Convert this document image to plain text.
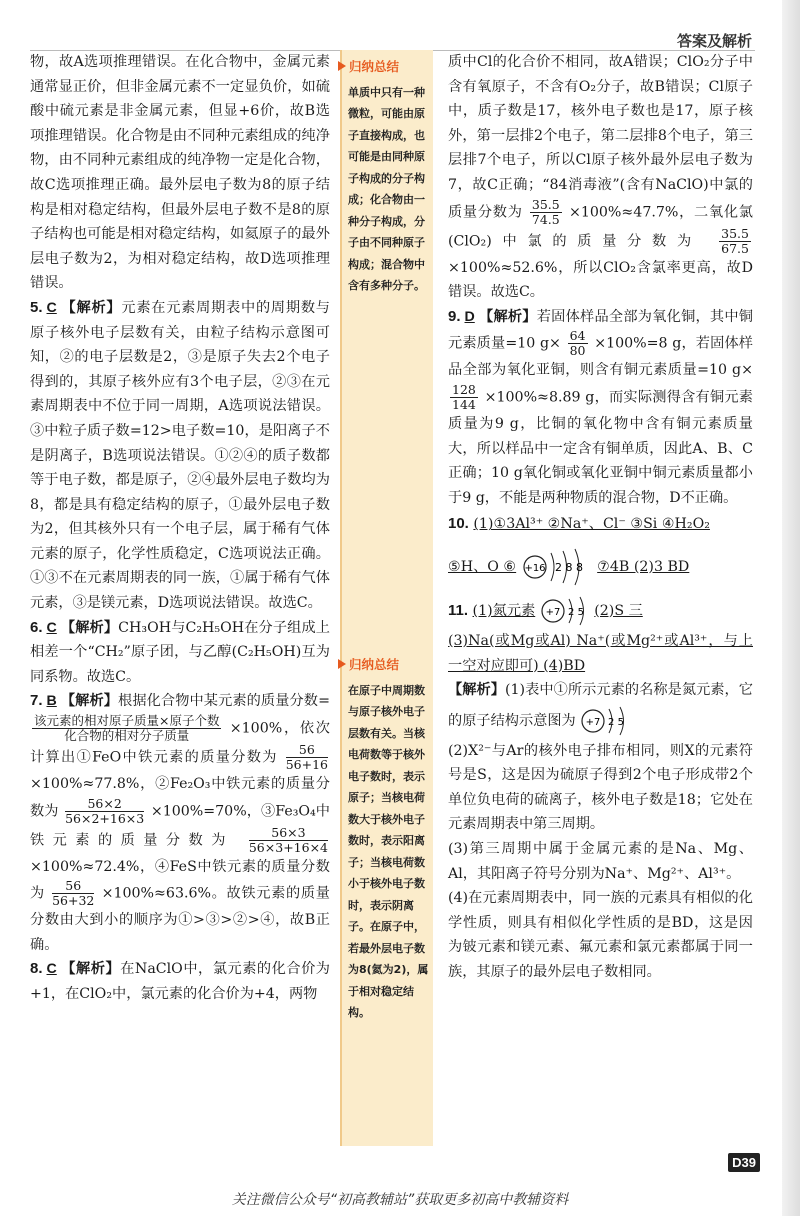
答案及解析

物，故A选项推理错误。在化合物中，金属元素通常显正价，但非金属元素不一定显负价，如硫酸中硫元素是非金属元素，但显+6价，故B选项推理错误。化合物是由不同种元素组成的纯净物，由不同种元素组成的纯净物一定是化合物，故C选项推理正确。最外层电子数为8的原子结构是相对稳定结构，但最外层电子数不是8的原子结构也可能是相对稳定结构，如氦原子的最外层电子数为2，为相对稳定结构，故D选项推理错误。

5. C 【解析】元素在元素周期表中的周期数与原子核外电子层数有关，由粒子结构示意图可知，②的电子层数是2，③是原子失去2个电子得到的，其原子核外应有3个电子层，②③在元素周期表中不位于同一周期，A选项说法错误。③中粒子质子数=12>电子数=10，是阳离子不是阴离子，B选项说法错误。①②④的质子数都等于电子数，都是原子，②④最外层电子数均为8，都是具有稳定结构的原子，①最外层电子数为2，但其核外只有一个电子层，属于稀有气体元素的原子，化学性质稳定，C选项说法正确。①③不在元素周期表的同一族，①属于稀有气体元素，③是镁元素，D选项说法错误。故选C。

6. C 【解析】CH₃OH与C₂H₅OH在分子组成上相差一个“CH₂”原子团，与乙醇(C₂H₅OH)互为同系物。故选C。

7. B 【解析】根据化合物中某元素的质量分数=
$\frac{\text{该元素的相对原子质量×原子个数}}{\text{化合物的相对分子质量}} \times 100\%$，依次计算出①FeO中铁元素的质量分数为 $\frac{56}{56+16}$
×100%≈77.8%，②Fe₂O₃中铁元素的质量分数为 $\frac{56\times 2}{56\times 2+16\times 3} \times 100\%=70\%$，③Fe₃O₄中铁元素的质量分数为 $\frac{56\times 3}{56\times 3+16\times 4}$
×100%≈72.4%，④FeS中铁元素的质量分数为 $\frac{56}{56+32} \times 100\%\approx 63.6\%$。故铁元素的质量分数由大到小的顺序为①>③>②>④，故B正确。

8. C 【解析】在NaClO中，氯元素的化合价为+1，在ClO₂中，氯元素的化合价为+4，两物

归纳总结
单质中只有一种微粒，可能由原子直接构成，也可能是由同种原子构成的分子构成；化合物由一种分子构成，分子由不同种原子构成；混合物中含有多种分子。
归纳总结
在原子中周期数与原子核外电子层数有关。当核电荷数等于核外电子数时，表示原子；当核电荷数大于核外电子数时，表示阳离子；当核电荷数小于核外电子数时，表示阴离子。在原子中，若最外层电子数为8(氦为2)，属于相对稳定结构。

质中Cl的化合价不相同，故A错误；ClO₂分子中含有氧原子，不含有O₂分子，故B错误；Cl原子中，质子数是17，核外电子数也是17，原子核外，第一层排2个电子，第二层排8个电子，第三层排7个电子，所以Cl原子核外最外层电子数为7，故C正确；“84消毒液”(含有NaClO)中氯的质量分数为 $\frac{35.5}{74.5} \times 100\%\approx 47.7\%$，二氧化氯(ClO₂)中氯的质量分数为 $\frac{35.5}{67.5}$
×100%≈52.6%，所以ClO₂含氯率更高，故D错误。故选C。

9. D 【解析】若固体样品全部为氧化铜，其中铜元素质量=10 $g\times \frac{64}{80} \times 100\%=8$ g，若固体样品全部为氧化亚铜，则含有铜元素质量=10 g×
$\frac{128}{144} \times 100\%\approx 8.89$ g，而实际测得含有铜元素质量为9 g，比铜的氧化物中含有铜元素质量大，所以样品中一定含有铜单质，因此A、B、C正确；10 g氧化铜或氧化亚铜中铜元素质量都小于9 g，不能是两种物质的混合物，D不正确。

10. (1)①3Al³⁺ ②Na⁺、Cl⁻ ③Si ④H₂O₂
⑤H、O ⑥ +16 2 8 8 ⑦4B (2)3 BD

11. (1)氮元素 +7 2 5 (2)S 三
(3)Na(或Mg或Al) Na⁺(或Mg²⁺或Al³⁺，与上一空对应即可) (4)BD

【解析】(1)表中①所示元素的名称是氮元素，它的原子结构示意图为 +7 2 5

(2)X²⁻与Ar的核外电子排布相同，则X的元素符号是S，这是因为硫原子得到2个电子形成带2个单位负电荷的硫离子，核外电子数是18；它处在元素周期表中第三周期。

(3)第三周期中属于金属元素的是Na、Mg、Al，其阳离子符号分别为Na⁺、Mg²⁺、Al³⁺。

(4)在元素周期表中，同一族的元素具有相似的化学性质，则具有相似化学性质的是BD，这是因为铍元素和镁元素、氟元素和氯元素都属于同一族，其原子的最外层电子数相同。

D39
关注微信公众号“初高教辅站”获取更多初高中教辅资料
